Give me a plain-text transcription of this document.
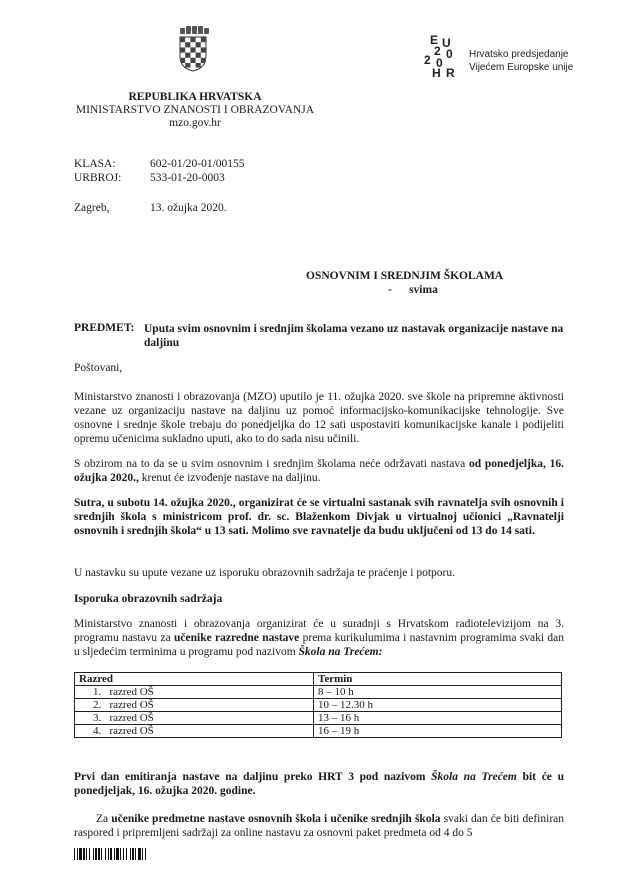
E U
2 0
2 0
H R
Hrvatsko predsjedanje
Vijećem Europske unije
REPUBLIKA HRVATSKA
MINISTARSTVO ZNANOSTI I OBRAZOVANJA
mzo.gov.hr
KLASA:	602-01/20-01/00155
URBROJ: 533-01-20-0003
Zagreb,	13. ožujka 2020.
OSNOVNIM I SREDNJIM ŠKOLAMA
-      svima
PREDMET: Uputa svim osnovnim i srednjim školama vezano uz nastavak organizacije nastave na daljinu
Poštovani,
Ministarstvo znanosti i obrazovanja (MZO) uputilo je 11. ožujka 2020. sve škole na pripremne aktivnosti vezane uz organizaciju nastave na daljinu uz pomoć informacijsko-komunikacijske tehnologije. Sve osnovne i srednje škole trebaju do ponedjeljka do 12 sati uspostaviti komunikacijske kanale i podijeliti opremu učenicima sukladno uputi, ako to do sada nisu učinili.
S obzirom na to da se u svim osnovnim i srednjim školama neće održavati nastava od ponedjeljka, 16. ožujka 2020., krenut će izvođenje nastave na daljinu.
Sutra, u subotu 14. ožujka 2020., organizirat će se virtualni sastanak svih ravnatelja svih osnovnih i srednjih škola s ministricom prof. dr. sc. Blaženkom Divjak u virtualnoj učionici „Ravnatelji osnovnih i srednjih škola“ u 13 sati. Molimo sve ravnatelje da budu uključeni od 13 do 14 sati.
U nastavku su upute vezane uz isporuku obrazovnih sadržaja te praćenje i potporu.
Isporuka obrazovnih sadržaja
Ministarstvo znanosti i obrazovanja organizirat će u suradnji s Hrvatskom radiotelevizijom na 3. programu nastavu za učenike razredne nastave prema kurikulumima i nastavnim programima svaki dan u sljedećim terminima u programu pod nazivom Škola na Trećem:
Razred	Termin
1.   razred OŠ	8 – 10 h
2.   razred OŠ	10 – 12.30 h
3.   razred OŠ	13 – 16 h
4.   razred OŠ	16 – 19 h
Prvi dan emitiranja nastave na daljinu preko HRT 3 pod nazivom Škola na Trećem bit će u ponedjeljak, 16. ožujka 2020. godine.
Za učenike predmetne nastave osnovnih škola i učenike srednjih škola svaki dan će biti definiran raspored i pripremljeni sadržaji za online nastavu za osnovni paket predmeta od 4 do 5
